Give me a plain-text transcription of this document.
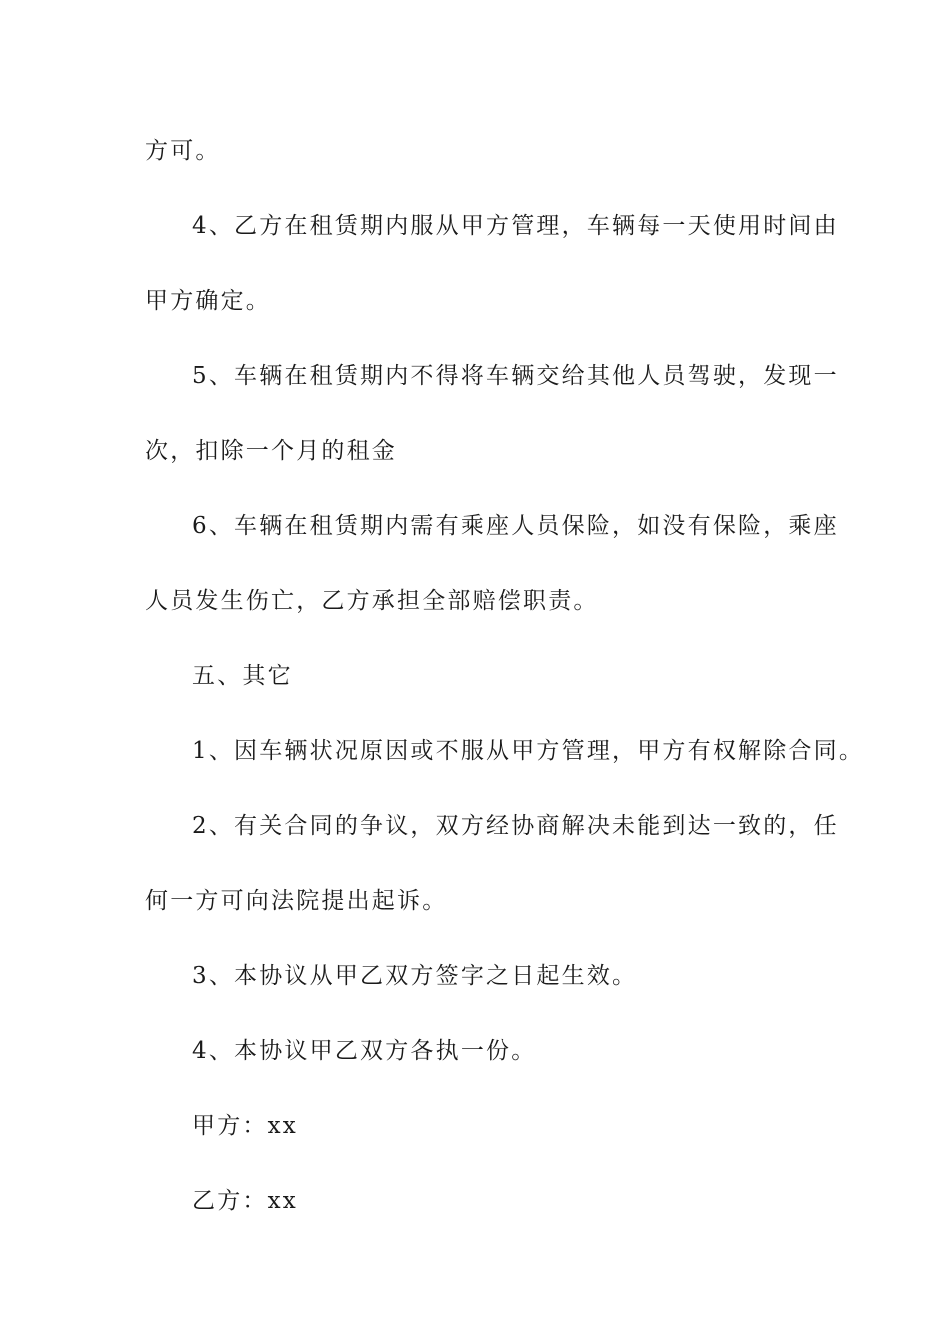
方可。
4、乙方在租赁期内服从甲方管理，车辆每一天使用时间由
甲方确定。
5、车辆在租赁期内不得将车辆交给其他人员驾驶，发现一
次，扣除一个月的租金
6、车辆在租赁期内需有乘座人员保险，如没有保险，乘座
人员发生伤亡，乙方承担全部赔偿职责。
五、其它
1、因车辆状况原因或不服从甲方管理，甲方有权解除合同。
2、有关合同的争议，双方经协商解决未能到达一致的，任
何一方可向法院提出起诉。
3、本协议从甲乙双方签字之日起生效。
4、本协议甲乙双方各执一份。
甲方：xx
乙方：xx
